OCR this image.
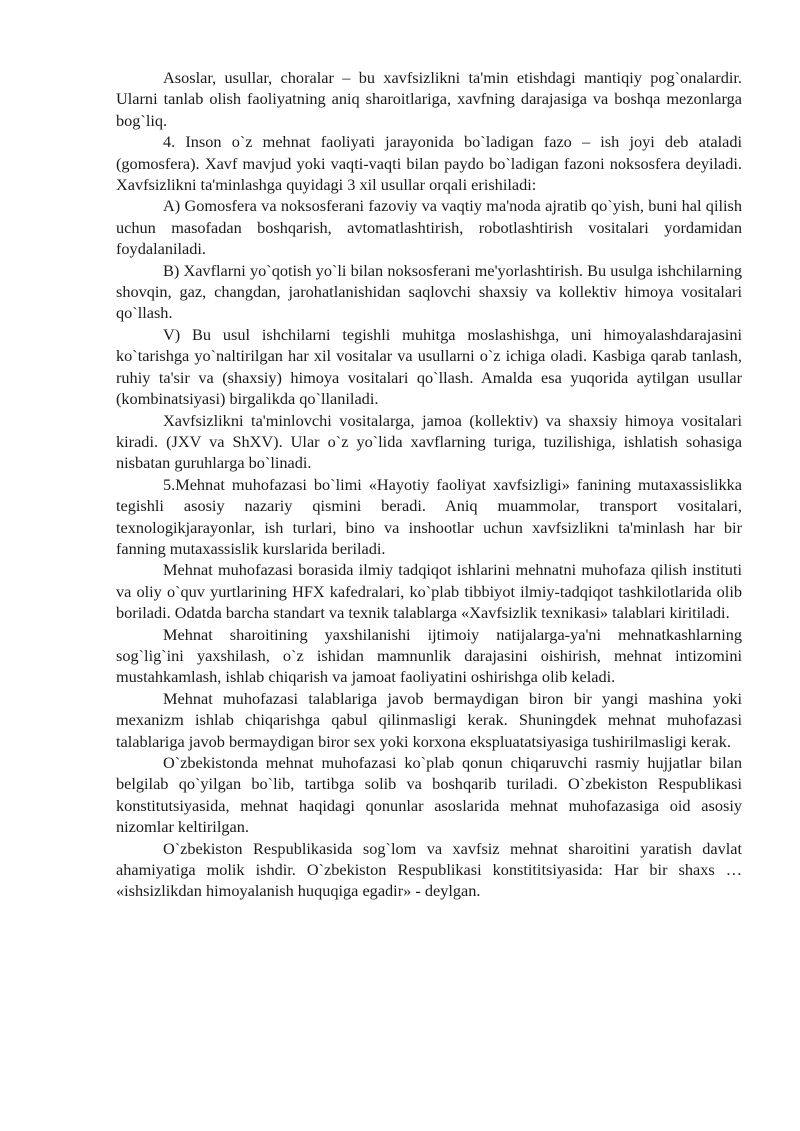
Asoslar, usullar, choralar – bu xavfsizlikni ta'min etishdagi mantiqiy pog`onalardir. Ularni tanlab olish faoliyatning aniq sharoitlariga, xavfning darajasiga va boshqa mezonlarga bog`liq.

4. Inson o`z mehnat faoliyati jarayonida bo`ladigan fazo – ish joyi deb ataladi (gomosfera). Xavf mavjud yoki vaqti-vaqti bilan paydo bo`ladigan fazoni noksosfera deyiladi. Xavfsizlikni ta'minlashga quyidagi 3 xil usullar orqali erishiladi:

A) Gomosfera va noksosferani fazoviy va vaqtiy ma'noda ajratib qo`yish, buni hal qilish uchun masofadan boshqarish, avtomatlashtirish, robotlashtirish vositalari yordamidan foydalaniladi.

B) Xavflarni yo`qotish yo`li bilan noksosferani me'yorlashtirish. Bu usulga ishchilarning shovqin, gaz, changdan, jarohatlanishidan saqlovchi shaxsiy va kollektiv himoya vositalari qo`llash.

V) Bu usul ishchilarni tegishli muhitga moslashishga, uni himoyalashdarajasini ko`tarishga yo`naltirilgan har xil vositalar va usullarni o`z ichiga oladi. Kasbiga qarab tanlash, ruhiy ta'sir va (shaxsiy) himoya vositalari qo`llash. Amalda esa yuqorida aytilgan usullar (kombinatsiyasi) birgalikda qo`llaniladi.

Xavfsizlikni ta'minlovchi vositalarga, jamoa (kollektiv) va shaxsiy himoya vositalari kiradi. (JXV va ShXV). Ular o`z yo`lida xavflarning turiga, tuzilishiga, ishlatish sohasiga nisbatan guruhlarga bo`linadi.

5.Mehnat muhofazasi bo`limi «Hayotiy faoliyat xavfsizligi» fanining mutaxassislikka tegishli asosiy nazariy qismini beradi. Aniq muammolar, transport vositalari, texnologikjarayonlar, ish turlari, bino va inshootlar uchun xavfsizlikni ta'minlash har bir fanning mutaxassislik kurslarida beriladi.

Mehnat muhofazasi borasida ilmiy tadqiqot ishlarini mehnatni muhofaza qilish instituti va oliy o`quv yurtlarining HFX kafedralari, ko`plab tibbiyot ilmiy-tadqiqot tashkilotlarida olib boriladi. Odatda barcha standart va texnik talablarga «Xavfsizlik texnikasi» talablari kiritiladi.

Mehnat sharoitining yaxshilanishi ijtimoiy natijalarga-ya'ni mehnatkashlarning sog`lig`ini yaxshilash, o`z ishidan mamnunlik darajasini oishirish, mehnat intizomini mustahkamlash, ishlab chiqarish va jamoat faoliyatini oshirishga olib keladi.

Mehnat muhofazasi talablariga javob bermaydigan biron bir yangi mashina yoki mexanizm ishlab chiqarishga qabul qilinmasligi kerak. Shuningdek mehnat muhofazasi talablariga javob bermaydigan biror sex yoki korxona ekspluatatsiyasiga tushirilmasligi kerak.

O`zbekistonda mehnat muhofazasi ko`plab qonun chiqaruvchi rasmiy hujjatlar bilan belgilab qo`yilgan bo`lib, tartibga solib va boshqarib turiladi. O`zbekiston Respublikasi konstitutsiyasida, mehnat haqidagi qonunlar asoslarida mehnat muhofazasiga oid asosiy nizomlar keltirilgan.

O`zbekiston Respublikasida sog`lom va xavfsiz mehnat sharoitini yaratish davlat ahamiyatiga molik ishdir. O`zbekiston Respublikasi konstititsiyasida: Har bir shaxs … «ishsizlikdan himoyalanish huquqiga egadir» - deylgan.
